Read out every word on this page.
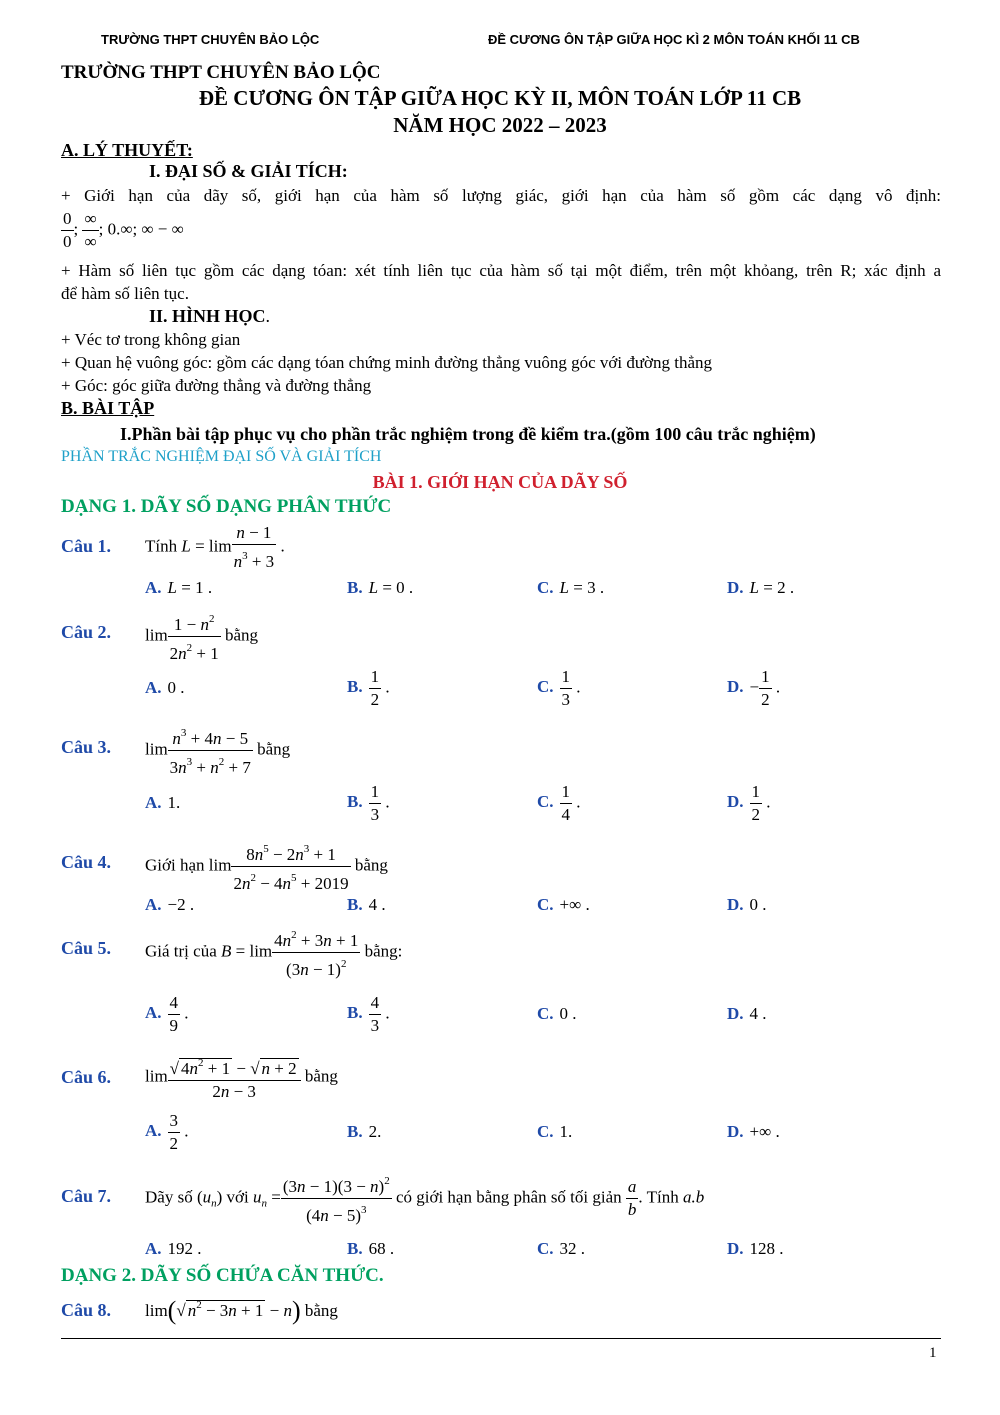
TRƯỜNG THPT CHUYÊN BẢO LỘC	ĐỀ CƯƠNG ÔN TẬP GIỮA HỌC KÌ 2 MÔN TOÁN KHỐI 11 CB
TRƯỜNG THPT CHUYÊN BẢO LỘC
ĐỀ CƯƠNG ÔN TẬP GIỮA HỌC KỲ II, MÔN TOÁN LỚP 11 CB
NĂM HỌC 2022 – 2023
A. LÝ THUYẾT:
I. ĐẠI SỐ & GIẢI TÍCH:
+ Giới hạn của dãy số, giới hạn của hàm số lượng giác, giới hạn của hàm số gồm các dạng vô định:
$\frac{0}{0}$ ; $\frac{\infty}{\infty}$ ; 0.∞; ∞ − ∞
+ Hàm số liên tục gồm các dạng tóan: xét tính liên tục của hàm số tại một điểm, trên một khỏang, trên R; xác định a
để hàm số liên tục.
II. HÌNH HỌC.
+ Véc tơ trong không gian
+ Quan hệ vuông góc: gồm các dạng tóan chứng minh đường thẳng vuông góc với đường thẳng
+ Góc: góc giữa đường thẳng và đường thẳng
B. BÀI TẬP
I.Phần bài tập phục vụ cho phần trắc nghiệm trong đề kiểm tra.(gồm 100 câu trắc nghiệm)
PHẦN TRẮC NGHIỆM ĐẠI SỐ VÀ GIẢI TÍCH
BÀI 1. GIỚI HẠN CỦA DÃY SỐ
DẠNG 1. DÃY SỐ DẠNG PHÂN THỨC
Câu 1. Tính $L = \lim \frac{n - 1}{n^3 + 3}$ .
A. L = 1 .	B. L = 0 .	C. L = 3 .	D. L = 2 .
Câu 2. $\lim \frac{1 - n^2}{2n^2 + 1}$ bằng
A. 0 .	B. $\frac{1}{2}$ .	C. $\frac{1}{3}$ .	D. − $\frac{1}{2}$ .
Câu 3. $\lim \frac{n^3 + 4n - 5}{3n^3 + n^2 + 7}$ bằng
A. 1.	B. $\frac{1}{3}$ .	C. $\frac{1}{4}$ .	D. $\frac{1}{2}$ .
Câu 4. Giới hạn $\lim \frac{8n^5 - 2n^3 + 1}{2n^2 - 4n^5 + 2019}$ bằng
A. −2 .	B. 4 .	C. +∞ .	D. 0 .
Câu 5. Giá trị của $B = \lim \frac{4n^2 + 3n + 1}{(3n - 1)^2}$ bằng:
A. $\frac{4}{9}$ .	B. $\frac{4}{3}$ .	C. 0 .	D. 4 .
Câu 6. $\lim \frac{√ 4n^2 + 1 - √ n + 2}{2n - 3}$ bằng
A. $\frac{3}{2}$ .	B. 2.	C. 1.	D. +∞ .
Câu 7. Dãy số $(u_n)$ với $u_n = \frac{(3n - 1)(3 - n)^2}{(4n - 5)^3}$ có giới hạn bằng phân số tối giản $\frac{a}{b}$ . Tính a.b
A. 192 .	B. 68 .	C. 32 .	D. 128 .
DẠNG 2. DÃY SỐ CHỨA CĂN THỨC.
Câu 8. lim(√ $n^2 - 3n + 1 - n$) bằng
1
